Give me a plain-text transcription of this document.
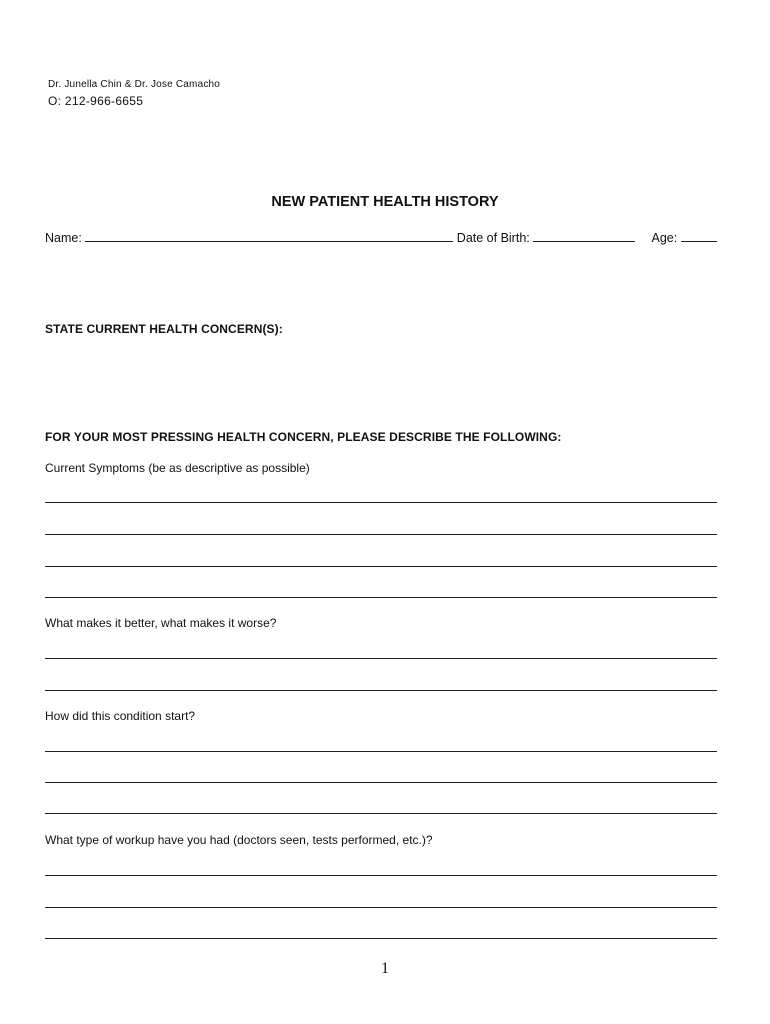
Dr. Junella Chin & Dr. Jose Camacho
O: 212-966-6655
NEW PATIENT HEALTH HISTORY
Name:	Date of Birth:	Age:
STATE CURRENT HEALTH CONCERN(S):
FOR YOUR MOST PRESSING HEALTH CONCERN, PLEASE DESCRIBE THE FOLLOWING:
Current Symptoms (be as descriptive as possible)
What makes it better, what makes it worse?
How did this condition start?
What type of workup have you had (doctors seen, tests performed, etc.)?
1
